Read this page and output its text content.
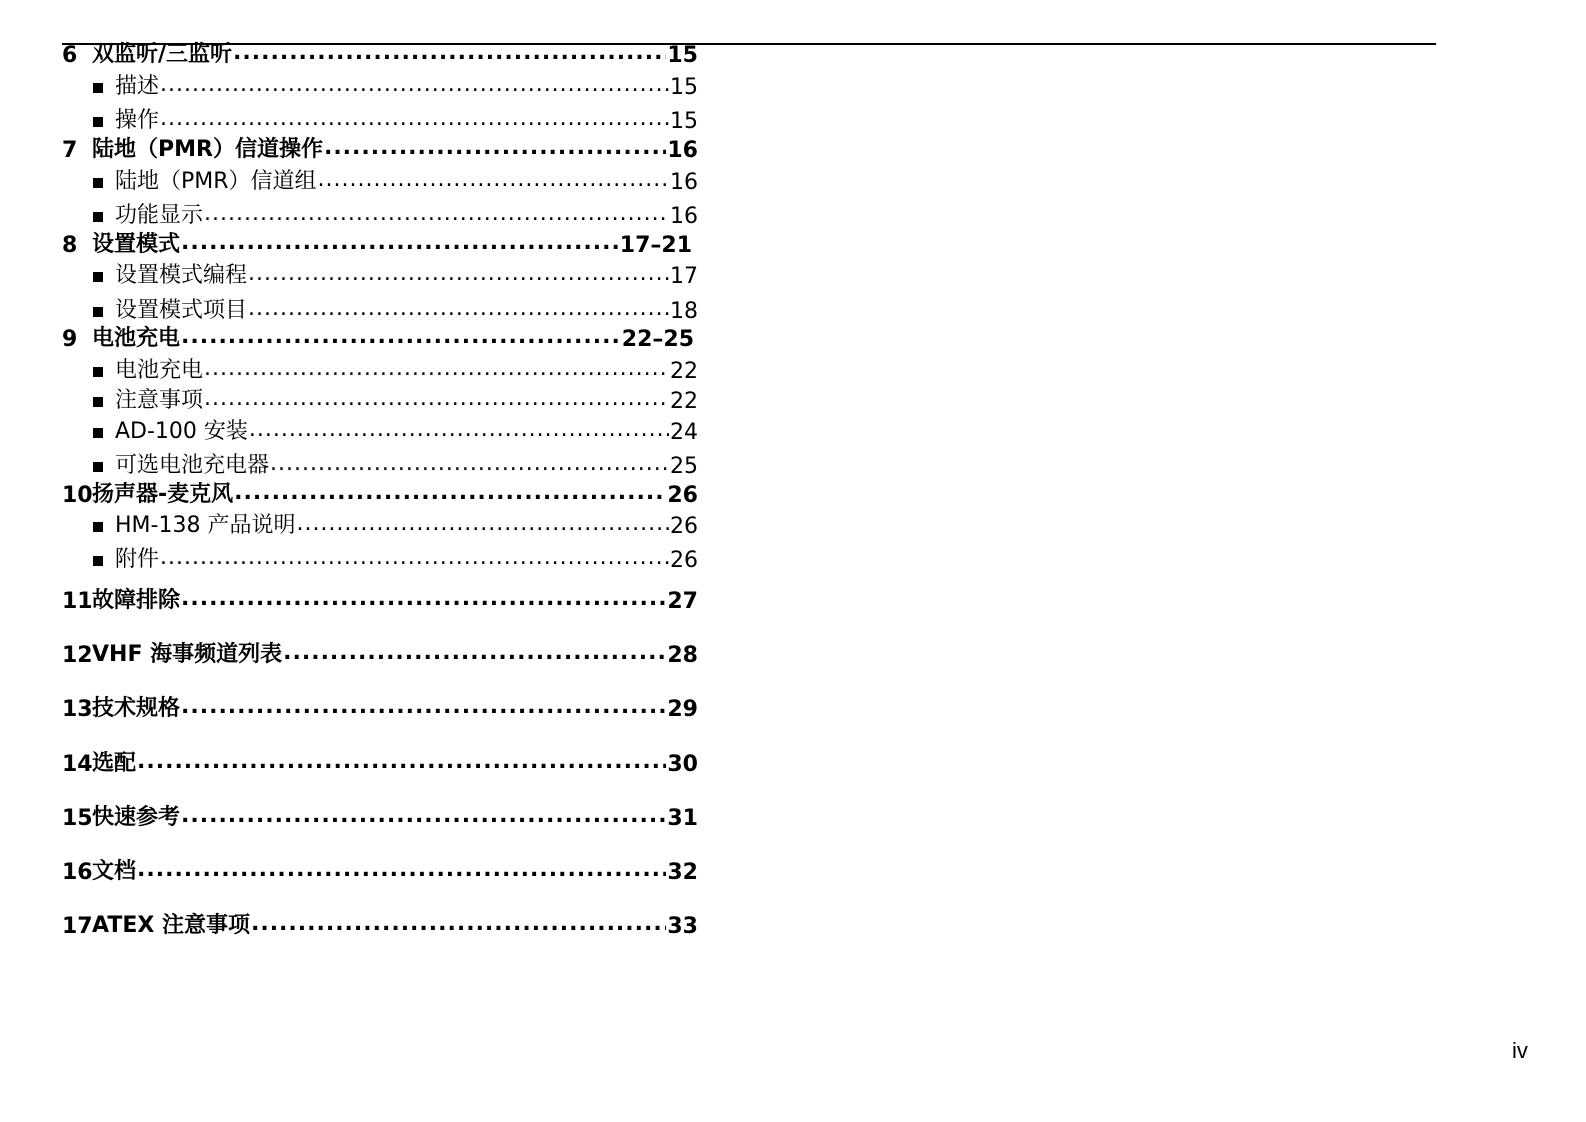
6 双监听/三监听 .....	15
描述 .....	15
操作 .....	15
7 陆地（PMR）信道操作 .....	16
陆地（PMR）信道组 .....	16
功能显示 .....	16
8 设置模式 .....	17–21
设置模式编程 .....	17
设置模式项目 .....	18
9 电池充电 .....	22–25
电池充电 .....	22
注意事项 .....	22
AD-100 安装 .....	24
可选电池充电器 .....	25
10 扬声器-麦克风 .....	26
HM-138 产品说明 .....	26
附件 .....	26
11 故障排除 .....	27
12 VHF 海事频道列表 .....	28
13 技术规格 .....	29
14 选配 .....	30
15 快速参考 .....	31
16 文档 .....	32
17 ATEX 注意事项 .....	33
iv
